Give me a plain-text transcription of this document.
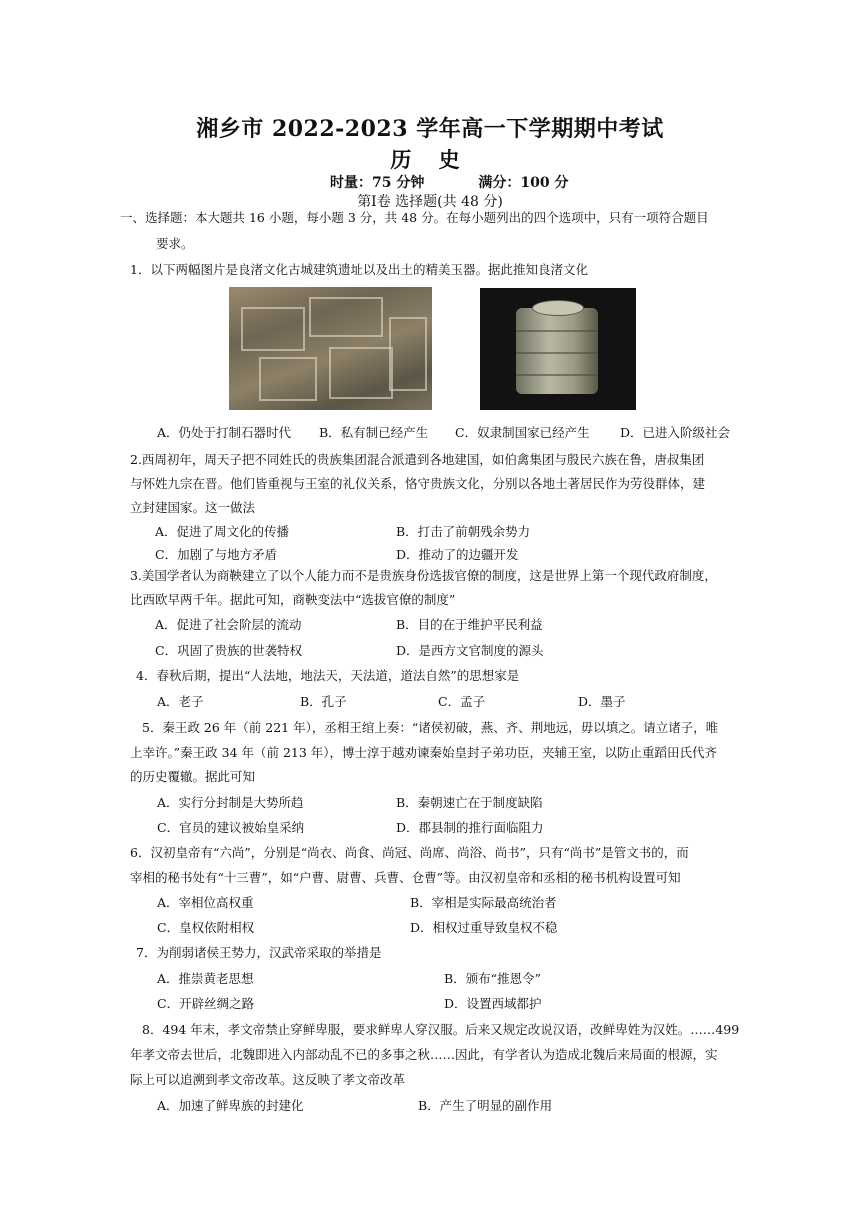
湘乡市 2022-2023 学年高一下学期期中考试
历 史
时量：75 分钟	满分：100 分
第Ⅰ卷 选择题(共 48 分)
一、选择题：本大题共 16 小题，每小题 3 分，共 48 分。在每小题列出的四个选项中，只有一项符合题目
要求。
1．以下两幅图片是良渚文化古城建筑遗址以及出土的精美玉器。据此推知良渚文化
A．仍处于打制石器时代 B．私有制已经产生 C．奴隶制国家已经产生 D．已进入阶级社会
2.西周初年，周天子把不同姓氏的贵族集团混合派遣到各地建国，如伯禽集团与殷民六族在鲁，唐叔集团
与怀姓九宗在晋。他们皆重视与王室的礼仪关系，恪守贵族文化，分别以各地土著居民作为劳役群体，建
立封建国家。这一做法
A．促进了周文化的传播	B．打击了前朝残余势力
C．加剧了与地方矛盾	D．推动了的边疆开发
3.美国学者认为商鞅建立了以个人能力而不是贵族身份选拔官僚的制度，这是世界上第一个现代政府制度，
比西欧早两千年。据此可知，商鞅变法中“选拔官僚的制度”
A．促进了社会阶层的流动	B．目的在于维护平民利益
C．巩固了贵族的世袭特权	D．是西方文官制度的源头
4．春秋后期，提出“人法地，地法天，天法道，道法自然”的思想家是
A．老子	B．孔子	C．孟子	D．墨子
5．秦王政 26 年（前 221 年），丞相王绾上奏：“诸侯初破，燕、齐、荆地远，毋以填之。请立诸子，唯
上幸许。”秦王政 34 年（前 213 年），博士淳于越劝谏秦始皇封子弟功臣，夹辅王室，以防止重蹈田氏代齐
的历史覆辙。据此可知
A．实行分封制是大势所趋	B．秦朝速亡在于制度缺陷
C．官员的建议被始皇采纳	D．郡县制的推行面临阻力
6．汉初皇帝有“六尚”，分别是“尚衣、尚食、尚冠、尚席、尚浴、尚书”，只有“尚书”是管文书的，而
宰相的秘书处有“十三曹”，如“户曹、尉曹、兵曹、仓曹”等。由汉初皇帝和丞相的秘书机构设置可知
A．宰相位高权重	B．宰相是实际最高统治者
C．皇权依附相权	D．相权过重导致皇权不稳
7．为削弱诸侯王势力，汉武帝采取的举措是
A．推崇黄老思想	B．颁布“推恩令”
C．开辟丝绸之路	D．设置西域都护
8．494 年末，孝文帝禁止穿鲜卑服，要求鲜卑人穿汉服。后来又规定改说汉语，改鲜卑姓为汉姓。……499
年孝文帝去世后，北魏即进入内部动乱不已的多事之秋……因此，有学者认为造成北魏后来局面的根源，实
际上可以追溯到孝文帝改革。这反映了孝文帝改革
A．加速了鲜卑族的封建化	B．产生了明显的副作用
